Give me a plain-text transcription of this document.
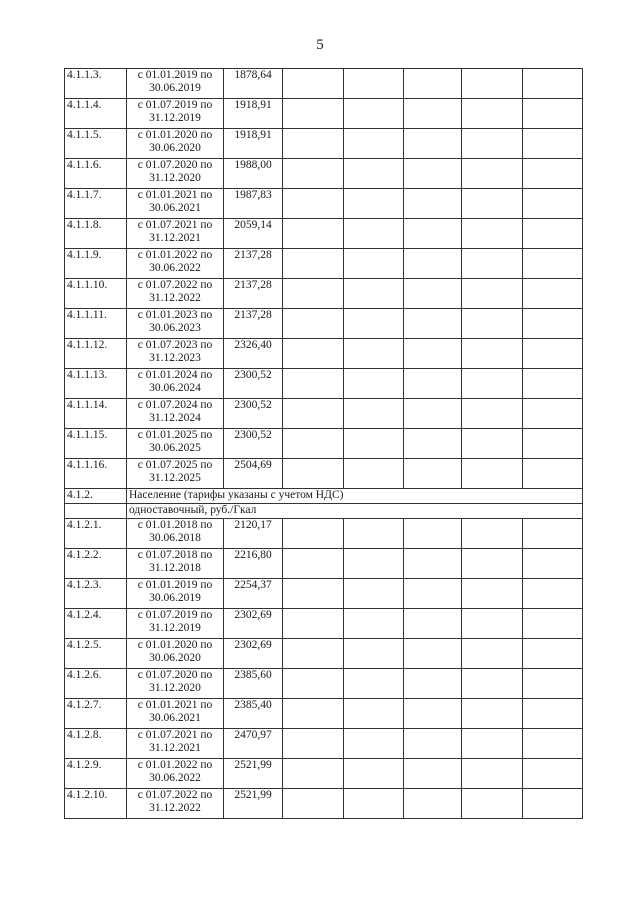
5
4.1.1.3.	с 01.01.2019 по
30.06.2019	1878,64					
4.1.1.4.	с 01.07.2019 по
31.12.2019	1918,91					
4.1.1.5.	с 01.01.2020 по
30.06.2020	1918,91					
4.1.1.6.	с 01.07.2020 по
31.12.2020	1988,00					
4.1.1.7.	с 01.01.2021 по
30.06.2021	1987,83					
4.1.1.8.	с 01.07.2021 по
31.12.2021	2059,14					
4.1.1.9.	с 01.01.2022 по
30.06.2022	2137,28					
4.1.1.10.	с 01.07.2022 по
31.12.2022	2137,28					
4.1.1.11.	с 01.01.2023 по
30.06.2023	2137,28					
4.1.1.12.	с 01.07.2023 по
31.12.2023	2326,40					
4.1.1.13.	с 01.01.2024 по
30.06.2024	2300,52					
4.1.1.14.	с 01.07.2024 по
31.12.2024	2300,52					
4.1.1.15.	с 01.01.2025 по
30.06.2025	2300,52					
4.1.1.16.	с 01.07.2025 по
31.12.2025	2504,69					
4.1.2.	Население (тарифы указаны с учетом НДС)						
	одноставочный, руб./Гкал						
4.1.2.1.	с 01.01.2018 по
30.06.2018	2120,17					
4.1.2.2.	с 01.07.2018 по
31.12.2018	2216,80					
4.1.2.3.	с 01.01.2019 по
30.06.2019	2254,37					
4.1.2.4.	с 01.07.2019 по
31.12.2019	2302,69					
4.1.2.5.	с 01.01.2020 по
30.06.2020	2302,69					
4.1.2.6.	с 01.07.2020 по
31.12.2020	2385,60					
4.1.2.7.	с 01.01.2021 по
30.06.2021	2385,40					
4.1.2.8.	с 01.07.2021 по
31.12.2021	2470,97					
4.1.2.9.	с 01.01.2022 по
30.06.2022	2521,99					
4.1.2.10.	с 01.07.2022 по
31.12.2022	2521,99					
